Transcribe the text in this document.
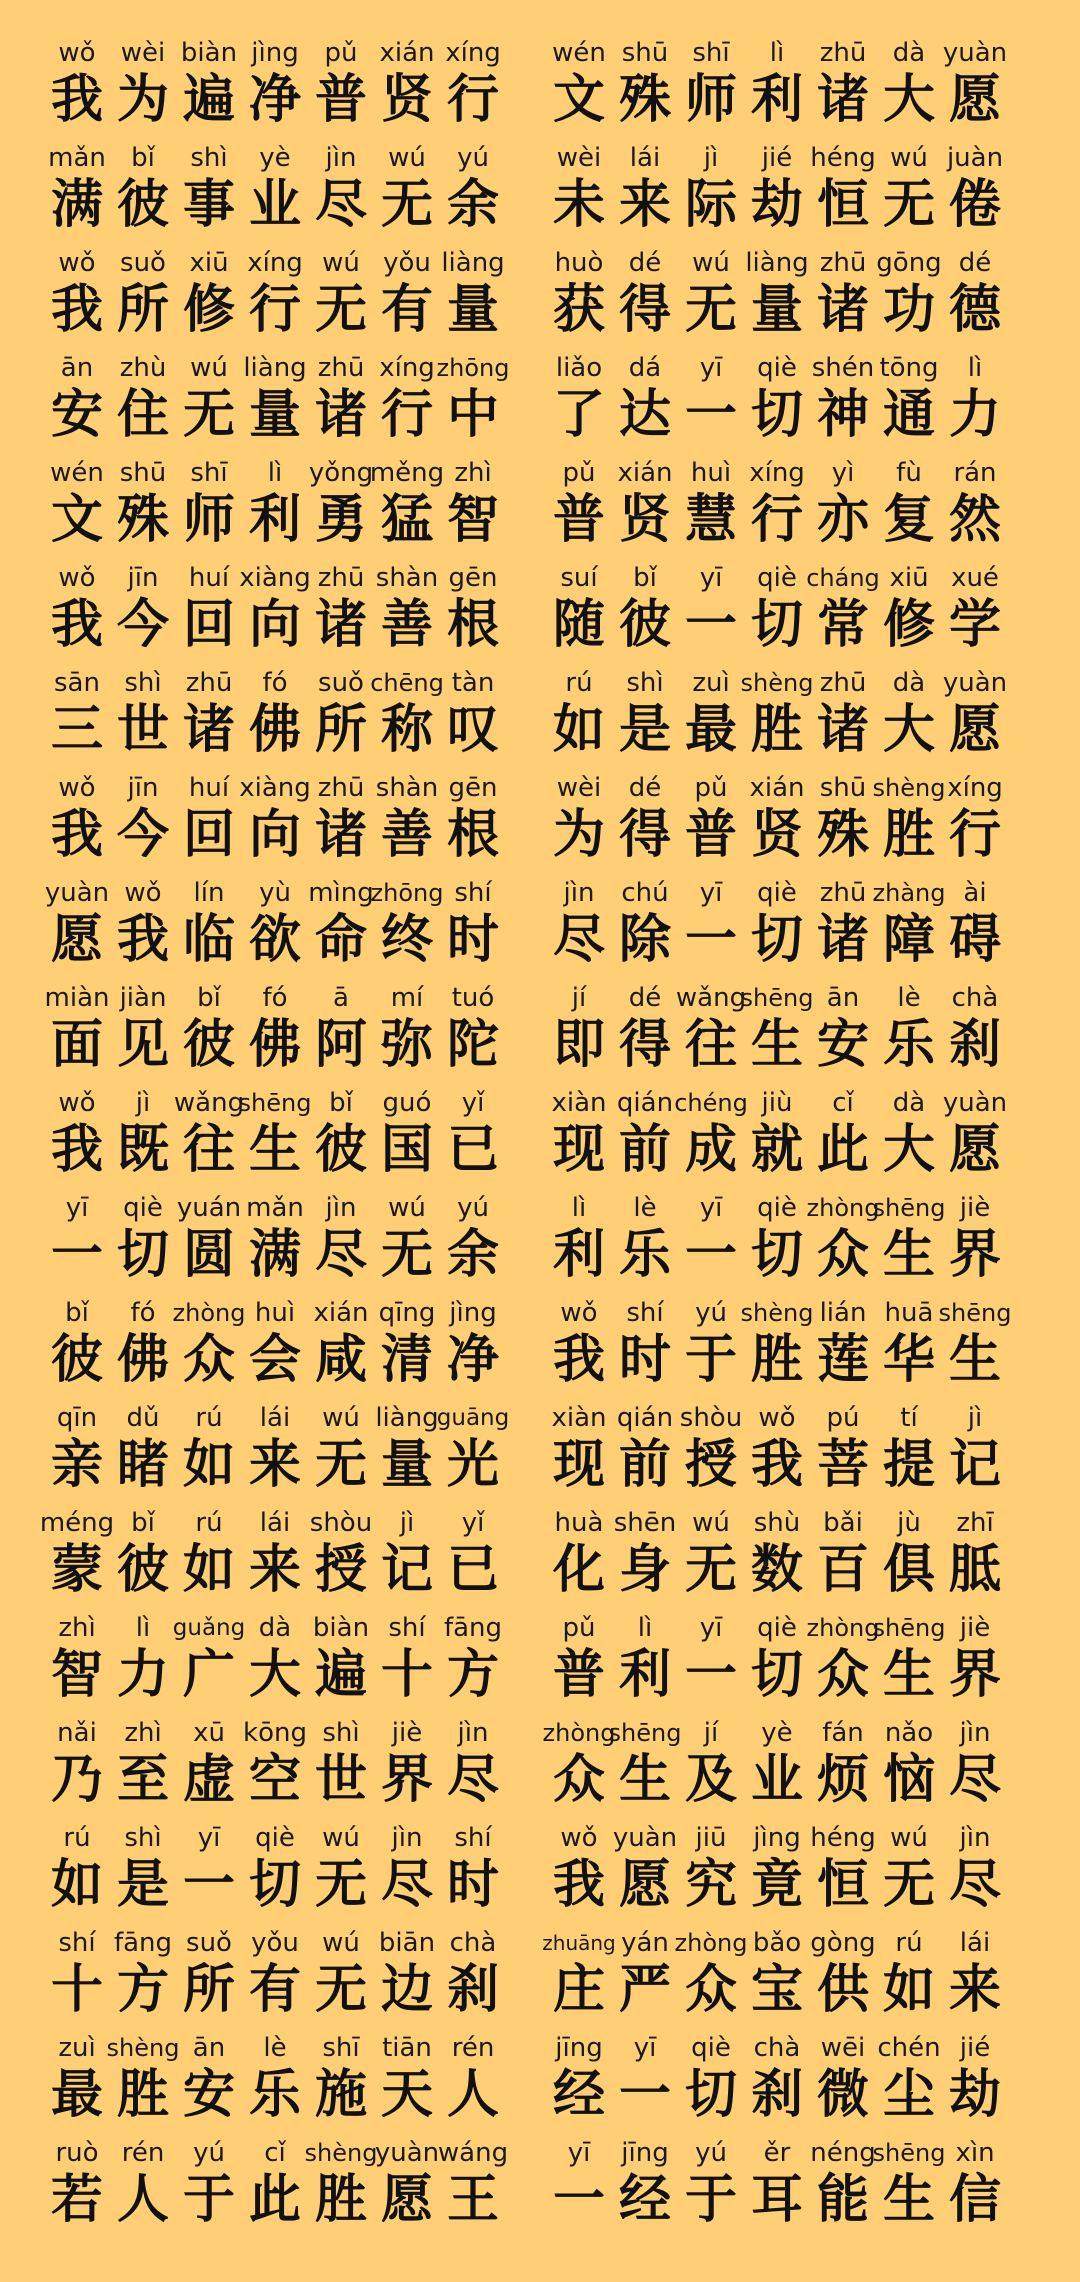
wǒ
我
wèi
为
biàn
遍
jìng
净
pǔ
普
xián
贤
xíng
行
wén
文
shū
殊
shī
师
lì
利
zhū
诸
dà
大
yuàn
愿
mǎn
满
bǐ
彼
shì
事
yè
业
jìn
尽
wú
无
yú
余
wèi
未
lái
来
jì
际
jié
劫
héng
恒
wú
无
juàn
倦
wǒ
我
suǒ
所
xiū
修
xíng
行
wú
无
yǒu
有
liàng
量
huò
获
dé
得
wú
无
liàng
量
zhū
诸
gōng
功
dé
德
ān
安
zhù
住
wú
无
liàng
量
zhū
诸
xíng
行
zhōng
中
liǎo
了
dá
达
yī
一
qiè
切
shén
神
tōng
通
lì
力
wén
文
shū
殊
shī
师
lì
利
yǒng
勇
měng
猛
zhì
智
pǔ
普
xián
贤
huì
慧
xíng
行
yì
亦
fù
复
rán
然
wǒ
我
jīn
今
huí
回
xiàng
向
zhū
诸
shàn
善
gēn
根
suí
随
bǐ
彼
yī
一
qiè
切
cháng
常
xiū
修
xué
学
sān
三
shì
世
zhū
诸
fó
佛
suǒ
所
chēng
称
tàn
叹
rú
如
shì
是
zuì
最
shèng
胜
zhū
诸
dà
大
yuàn
愿
wǒ
我
jīn
今
huí
回
xiàng
向
zhū
诸
shàn
善
gēn
根
wèi
为
dé
得
pǔ
普
xián
贤
shū
殊
shèng
胜
xíng
行
yuàn
愿
wǒ
我
lín
临
yù
欲
mìng
命
zhōng
终
shí
时
jìn
尽
chú
除
yī
一
qiè
切
zhū
诸
zhàng
障
ài
碍
miàn
面
jiàn
见
bǐ
彼
fó
佛
ā
阿
mí
弥
tuó
陀
jí
即
dé
得
wǎng
往
shēng
生
ān
安
lè
乐
chà
刹
wǒ
我
jì
既
wǎng
往
shēng
生
bǐ
彼
guó
国
yǐ
已
xiàn
现
qián
前
chéng
成
jiù
就
cǐ
此
dà
大
yuàn
愿
yī
一
qiè
切
yuán
圆
mǎn
满
jìn
尽
wú
无
yú
余
lì
利
lè
乐
yī
一
qiè
切
zhòng
众
shēng
生
jiè
界
bǐ
彼
fó
佛
zhòng
众
huì
会
xián
咸
qīng
清
jìng
净
wǒ
我
shí
时
yú
于
shèng
胜
lián
莲
huā
华
shēng
生
qīn
亲
dǔ
睹
rú
如
lái
来
wú
无
liàng
量
guāng
光
xiàn
现
qián
前
shòu
授
wǒ
我
pú
菩
tí
提
jì
记
méng
蒙
bǐ
彼
rú
如
lái
来
shòu
授
jì
记
yǐ
已
huà
化
shēn
身
wú
无
shù
数
bǎi
百
jù
俱
zhī
胝
zhì
智
lì
力
guǎng
广
dà
大
biàn
遍
shí
十
fāng
方
pǔ
普
lì
利
yī
一
qiè
切
zhòng
众
shēng
生
jiè
界
nǎi
乃
zhì
至
xū
虚
kōng
空
shì
世
jiè
界
jìn
尽
zhòng
众
shēng
生
jí
及
yè
业
fán
烦
nǎo
恼
jìn
尽
rú
如
shì
是
yī
一
qiè
切
wú
无
jìn
尽
shí
时
wǒ
我
yuàn
愿
jiū
究
jìng
竟
héng
恒
wú
无
jìn
尽
shí
十
fāng
方
suǒ
所
yǒu
有
wú
无
biān
边
chà
刹
zhuāng
庄
yán
严
zhòng
众
bǎo
宝
gòng
供
rú
如
lái
来
zuì
最
shèng
胜
ān
安
lè
乐
shī
施
tiān
天
rén
人
jīng
经
yī
一
qiè
切
chà
刹
wēi
微
chén
尘
jié
劫
ruò
若
rén
人
yú
于
cǐ
此
shèng
胜
yuàn
愿
wáng
王
yī
一
jīng
经
yú
于
ěr
耳
néng
能
shēng
生
xìn
信
